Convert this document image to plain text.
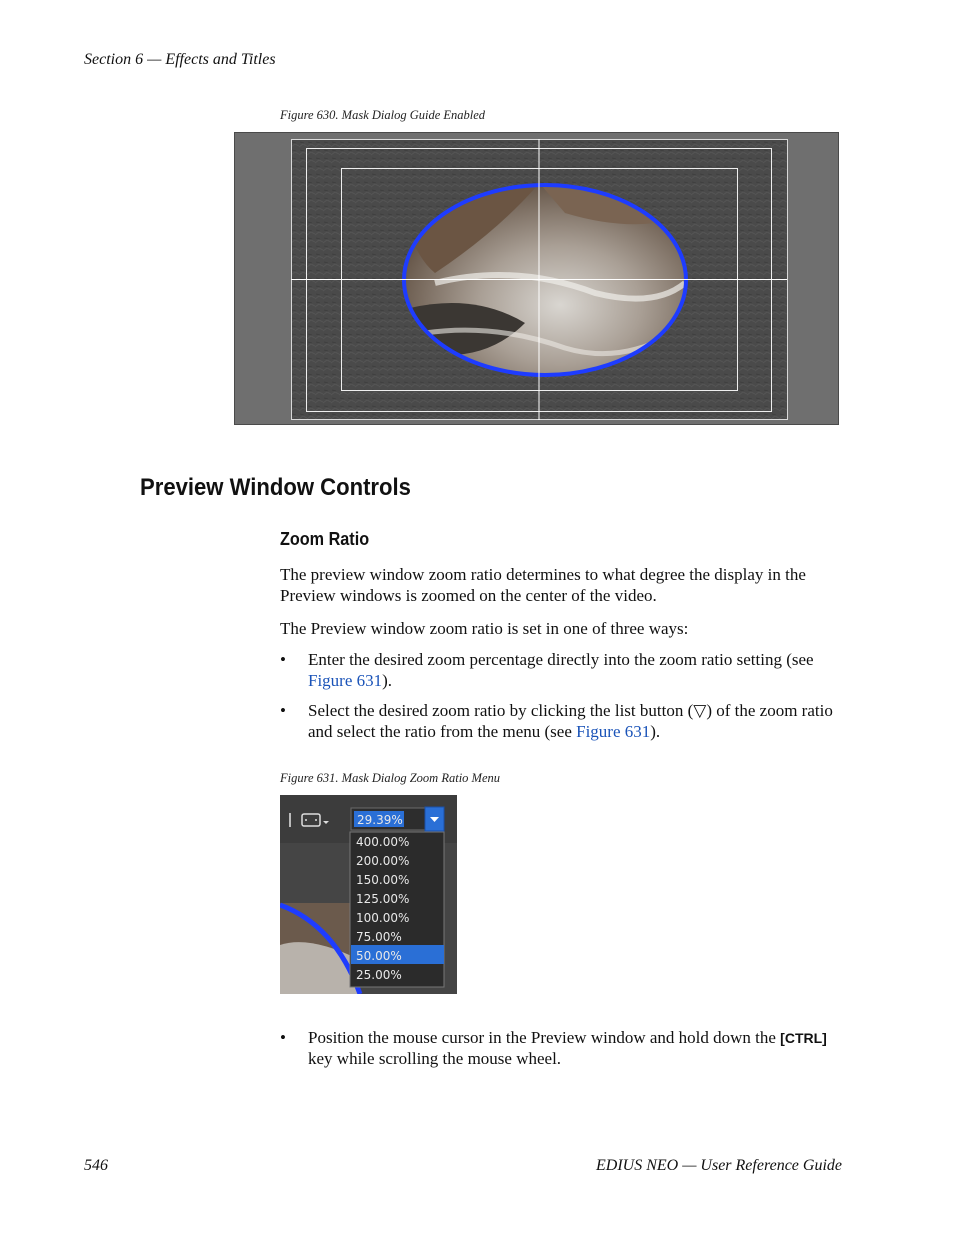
Section 6 — Effects and Titles
Figure 630. Mask Dialog Guide Enabled
Preview Window Controls
Zoom Ratio
The preview window zoom ratio determines to what degree the display in the Preview windows is zoomed on the center of the video.
The Preview window zoom ratio is set in one of three ways:
• Enter the desired zoom percentage directly into the zoom ratio setting (see Figure 631).
• Select the desired zoom ratio by clicking the list button (▽) of the zoom ratio and select the ratio from the menu (see Figure 631).
Figure 631. Mask Dialog Zoom Ratio Menu
29.39%
400.00%
200.00%
150.00%
125.00%
100.00%
75.00%
50.00%
25.00%
• Position the mouse cursor in the Preview window and hold down the [CTRL] key while scrolling the mouse wheel.
546	EDIUS NEO — User Reference Guide
